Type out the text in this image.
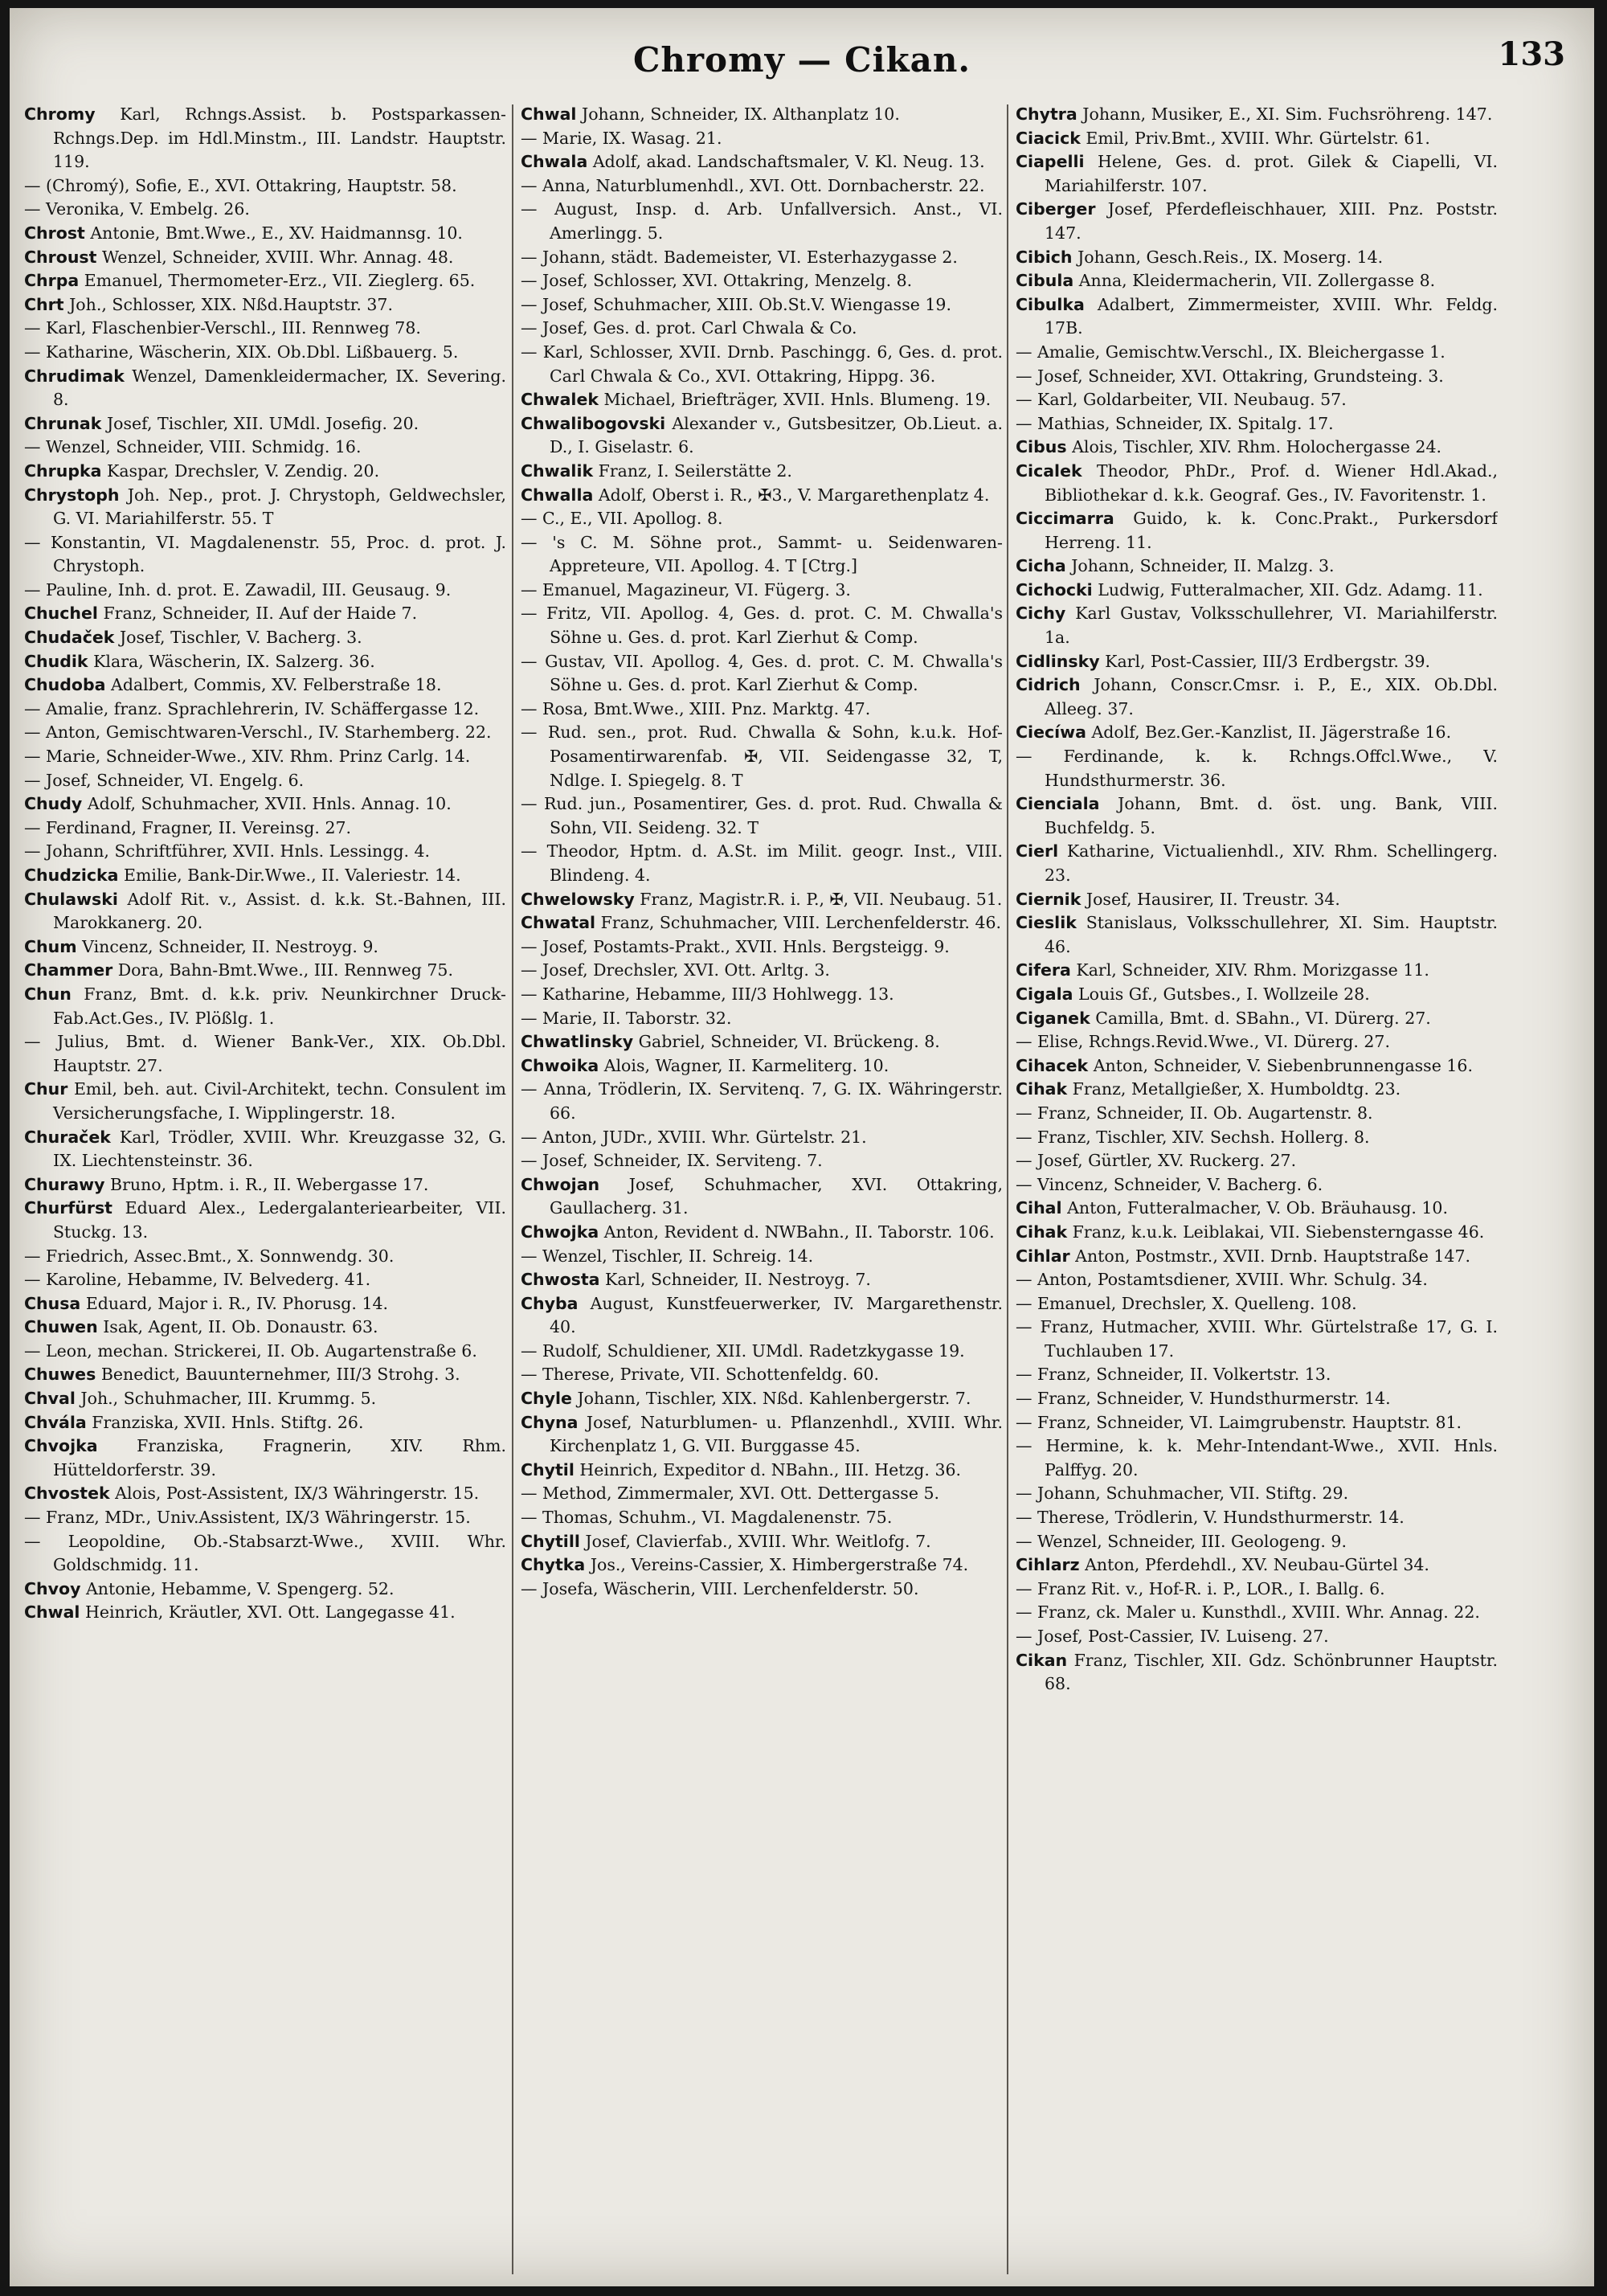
Chromy — Cikan.	133

Chromy Karl, Rchngs.Assist. b. Postsparkassen-Rchngs.Dep. im Hdl.Minstm., III. Landstr. Hauptstr. 119.

— (Chromý), Sofie, E., XVI. Ottakring, Hauptstr. 58.

— Veronika, V. Embelg. 26.

Chrost Antonie, Bmt.Wwe., E., XV. Haidmannsg. 10.

Chroust Wenzel, Schneider, XVIII. Whr. Annag. 48.

Chrpa Emanuel, Thermometer-Erz., VII. Zieglerg. 65.

Chrt Joh., Schlosser, XIX. Nßd.Hauptstr. 37.

— Karl, Flaschenbier-Verschl., III. Rennweg 78.

— Katharine, Wäscherin, XIX. Ob.Dbl. Lißbauerg. 5.

Chrudimak Wenzel, Damenkleidermacher, IX. Severing. 8.

Chrunak Josef, Tischler, XII. UMdl. Josefig. 20.

— Wenzel, Schneider, VIII. Schmidg. 16.

Chrupka Kaspar, Drechsler, V. Zendig. 20.

Chrystoph Joh. Nep., prot. J. Chrystoph, Geldwechsler, G. VI. Mariahilferstr. 55. T

— Konstantin, VI. Magdalenenstr. 55, Proc. d. prot. J. Chrystoph.

— Pauline, Inh. d. prot. E. Zawadil, III. Geusaug. 9.

Chuchel Franz, Schneider, II. Auf der Haide 7.

Chudaček Josef, Tischler, V. Bacherg. 3.

Chudik Klara, Wäscherin, IX. Salzerg. 36.

Chudoba Adalbert, Commis, XV. Felberstraße 18.

— Amalie, franz. Sprachlehrerin, IV. Schäffergasse 12.

— Anton, Gemischtwaren-Verschl., IV. Starhemberg. 22.

— Marie, Schneider-Wwe., XIV. Rhm. Prinz Carlg. 14.

— Josef, Schneider, VI. Engelg. 6.

Chudy Adolf, Schuhmacher, XVII. Hnls. Annag. 10.

— Ferdinand, Fragner, II. Vereinsg. 27.

— Johann, Schriftführer, XVII. Hnls. Lessingg. 4.

Chudzicka Emilie, Bank-Dir.Wwe., II. Valeriestr. 14.

Chulawski Adolf Rit. v., Assist. d. k.k. St.-Bahnen, III. Marokkanerg. 20.

Chum Vincenz, Schneider, II. Nestroyg. 9.

Chammer Dora, Bahn-Bmt.Wwe., III. Rennweg 75.

Chun Franz, Bmt. d. k.k. priv. Neunkirchner Druck-Fab.Act.Ges., IV. Plößlg. 1.

— Julius, Bmt. d. Wiener Bank-Ver., XIX. Ob.Dbl. Hauptstr. 27.

Chur Emil, beh. aut. Civil-Architekt, techn. Consulent im Versicherungsfache, I. Wipplingerstr. 18.

Churaček Karl, Trödler, XVIII. Whr. Kreuzgasse 32, G. IX. Liechtensteinstr. 36.

Churawy Bruno, Hptm. i. R., II. Webergasse 17.

Churfürst Eduard Alex., Ledergalanteriearbeiter, VII. Stuckg. 13.

— Friedrich, Assec.Bmt., X. Sonnwendg. 30.

— Karoline, Hebamme, IV. Belvederg. 41.

Chusa Eduard, Major i. R., IV. Phorusg. 14.

Chuwen Isak, Agent, II. Ob. Donaustr. 63.

— Leon, mechan. Strickerei, II. Ob. Augartenstraße 6.

Chuwes Benedict, Bauunternehmer, III/3 Strohg. 3.

Chval Joh., Schuhmacher, III. Krummg. 5.

Chvála Franziska, XVII. Hnls. Stiftg. 26.

Chvojka Franziska, Fragnerin, XIV. Rhm. Hütteldorferstr. 39.

Chvostek Alois, Post-Assistent, IX/3 Währingerstr. 15.

— Franz, MDr., Univ.Assistent, IX/3 Währingerstr. 15.

— Leopoldine, Ob.-Stabsarzt-Wwe., XVIII. Whr. Goldschmidg. 11.

Chvoy Antonie, Hebamme, V. Spengerg. 52.

Chwal Heinrich, Kräutler, XVI. Ott. Langegasse 41.

Chwal Johann, Schneider, IX. Althanplatz 10.

— Marie, IX. Wasag. 21.

Chwala Adolf, akad. Landschaftsmaler, V. Kl. Neug. 13.

— Anna, Naturblumenhdl., XVI. Ott. Dornbacherstr. 22.

— August, Insp. d. Arb. Unfallversich. Anst., VI. Amerlingg. 5.

— Johann, städt. Bademeister, VI. Esterhazygasse 2.

— Josef, Schlosser, XVI. Ottakring, Menzelg. 8.

— Josef, Schuhmacher, XIII. Ob.St.V. Wiengasse 19.

— Josef, Ges. d. prot. Carl Chwala & Co.

— Karl, Schlosser, XVII. Drnb. Paschingg. 6, Ges. d. prot. Carl Chwala & Co., XVI. Ottakring, Hippg. 36.

Chwalek Michael, Briefträger, XVII. Hnls. Blumeng. 19.

Chwalibogovski Alexander v., Gutsbesitzer, Ob.Lieut. a. D., I. Giselastr. 6.

Chwalik Franz, I. Seilerstätte 2.

Chwalla Adolf, Oberst i. R., ✠3., V. Margarethenplatz 4.

— C., E., VII. Apollog. 8.

— 's C. M. Söhne prot., Sammt- u. Seidenwaren-Appreteure, VII. Apollog. 4. T [Ctrg.]

— Emanuel, Magazineur, VI. Fügerg. 3.

— Fritz, VII. Apollog. 4, Ges. d. prot. C. M. Chwalla's Söhne u. Ges. d. prot. Karl Zierhut & Comp.

— Gustav, VII. Apollog. 4, Ges. d. prot. C. M. Chwalla's Söhne u. Ges. d. prot. Karl Zierhut & Comp.

— Rosa, Bmt.Wwe., XIII. Pnz. Marktg. 47.

— Rud. sen., prot. Rud. Chwalla & Sohn, k.u.k. Hof-Posamentirwarenfab. ✠, VII. Seidengasse 32, T, Ndlge. I. Spiegelg. 8. T

— Rud. jun., Posamentirer, Ges. d. prot. Rud. Chwalla & Sohn, VII. Seideng. 32. T

— Theodor, Hptm. d. A.St. im Milit. geogr. Inst., VIII. Blindeng. 4.

Chwelowsky Franz, Magistr.R. i. P., ✠, VII. Neubaug. 51.

Chwatal Franz, Schuhmacher, VIII. Lerchenfelderstr. 46.

— Josef, Postamts-Prakt., XVII. Hnls. Bergsteigg. 9.

— Josef, Drechsler, XVI. Ott. Arltg. 3.

— Katharine, Hebamme, III/3 Hohlwegg. 13.

— Marie, II. Taborstr. 32.

Chwatlinsky Gabriel, Schneider, VI. Brückeng. 8.

Chwoika Alois, Wagner, II. Karmeliterg. 10.

— Anna, Trödlerin, IX. Servitenq. 7, G. IX. Währingerstr. 66.

— Anton, JUDr., XVIII. Whr. Gürtelstr. 21.

— Josef, Schneider, IX. Serviteng. 7.

Chwojan Josef, Schuhmacher, XVI. Ottakring, Gaullacherg. 31.

Chwojka Anton, Revident d. NWBahn., II. Taborstr. 106.

— Wenzel, Tischler, II. Schreig. 14.

Chwosta Karl, Schneider, II. Nestroyg. 7.

Chyba August, Kunstfeuerwerker, IV. Margarethenstr. 40.

— Rudolf, Schuldiener, XII. UMdl. Radetzkygasse 19.

— Therese, Private, VII. Schottenfeldg. 60.

Chyle Johann, Tischler, XIX. Nßd. Kahlenbergerstr. 7.

Chyna Josef, Naturblumen- u. Pflanzenhdl., XVIII. Whr. Kirchenplatz 1, G. VII. Burggasse 45.

Chytil Heinrich, Expeditor d. NBahn., III. Hetzg. 36.

— Method, Zimmermaler, XVI. Ott. Dettergasse 5.

— Thomas, Schuhm., VI. Magdalenenstr. 75.

Chytill Josef, Clavierfab., XVIII. Whr. Weitlofg. 7.

Chytka Jos., Vereins-Cassier, X. Himbergerstraße 74.

— Josefa, Wäscherin, VIII. Lerchenfelderstr. 50.

Chytra Johann, Musiker, E., XI. Sim. Fuchsröhreng. 147.

Ciacick Emil, Priv.Bmt., XVIII. Whr. Gürtelstr. 61.

Ciapelli Helene, Ges. d. prot. Gilek & Ciapelli, VI. Mariahilferstr. 107.

Ciberger Josef, Pferdefleischhauer, XIII. Pnz. Poststr. 147.

Cibich Johann, Gesch.Reis., IX. Moserg. 14.

Cibula Anna, Kleidermacherin, VII. Zollergasse 8.

Cibulka Adalbert, Zimmermeister, XVIII. Whr. Feldg. 17B.

— Amalie, Gemischtw.Verschl., IX. Bleichergasse 1.

— Josef, Schneider, XVI. Ottakring, Grundsteing. 3.

— Karl, Goldarbeiter, VII. Neubaug. 57.

— Mathias, Schneider, IX. Spitalg. 17.

Cibus Alois, Tischler, XIV. Rhm. Holochergasse 24.

Cicalek Theodor, PhDr., Prof. d. Wiener Hdl.Akad., Bibliothekar d. k.k. Geograf. Ges., IV. Favoritenstr. 1.

Ciccimarra Guido, k. k. Conc.Prakt., Purkersdorf Herreng. 11.

Cicha Johann, Schneider, II. Malzg. 3.

Cichocki Ludwig, Futteralmacher, XII. Gdz. Adamg. 11.

Cichy Karl Gustav, Volksschullehrer, VI. Mariahilferstr. 1a.

Cidlinsky Karl, Post-Cassier, III/3 Erdbergstr. 39.

Cidrich Johann, Conscr.Cmsr. i. P., E., XIX. Ob.Dbl. Alleeg. 37.

Ciecíwa Adolf, Bez.Ger.-Kanzlist, II. Jägerstraße 16.

— Ferdinande, k. k. Rchngs.Offcl.Wwe., V. Hundsthurmerstr. 36.

Cienciala Johann, Bmt. d. öst. ung. Bank, VIII. Buchfeldg. 5.

Cierl Katharine, Victualienhdl., XIV. Rhm. Schellingerg. 23.

Ciernik Josef, Hausirer, II. Treustr. 34.

Cieslik Stanislaus, Volksschullehrer, XI. Sim. Hauptstr. 46.

Cifera Karl, Schneider, XIV. Rhm. Morizgasse 11.

Cigala Louis Gf., Gutsbes., I. Wollzeile 28.

Ciganek Camilla, Bmt. d. SBahn., VI. Dürerg. 27.

— Elise, Rchngs.Revid.Wwe., VI. Dürerg. 27.

Cihacek Anton, Schneider, V. Siebenbrunnengasse 16.

Cihak Franz, Metallgießer, X. Humboldtg. 23.

— Franz, Schneider, II. Ob. Augartenstr. 8.

— Franz, Tischler, XIV. Sechsh. Hollerg. 8.

— Josef, Gürtler, XV. Ruckerg. 27.

— Vincenz, Schneider, V. Bacherg. 6.

Cihal Anton, Futteralmacher, V. Ob. Bräuhausg. 10.

Cihak Franz, k.u.k. Leiblakai, VII. Siebensterngasse 46.

Cihlar Anton, Postmstr., XVII. Drnb. Hauptstraße 147.

— Anton, Postamtsdiener, XVIII. Whr. Schulg. 34.

— Emanuel, Drechsler, X. Quelleng. 108.

— Franz, Hutmacher, XVIII. Whr. Gürtelstraße 17, G. I. Tuchlauben 17.

— Franz, Schneider, II. Volkertstr. 13.

— Franz, Schneider, V. Hundsthurmerstr. 14.

— Franz, Schneider, VI. Laimgrubenstr. Hauptstr. 81.

— Hermine, k. k. Mehr-Intendant-Wwe., XVII. Hnls. Palffyg. 20.

— Johann, Schuhmacher, VII. Stiftg. 29.

— Therese, Trödlerin, V. Hundsthurmerstr. 14.

— Wenzel, Schneider, III. Geologeng. 9.

Cihlarz Anton, Pferdehdl., XV. Neubau-Gürtel 34.

— Franz Rit. v., Hof-R. i. P., LOR., I. Ballg. 6.

— Franz, ck. Maler u. Kunsthdl., XVIII. Whr. Annag. 22.

— Josef, Post-Cassier, IV. Luiseng. 27.

Cikan Franz, Tischler, XII. Gdz. Schönbrunner Hauptstr. 68.
